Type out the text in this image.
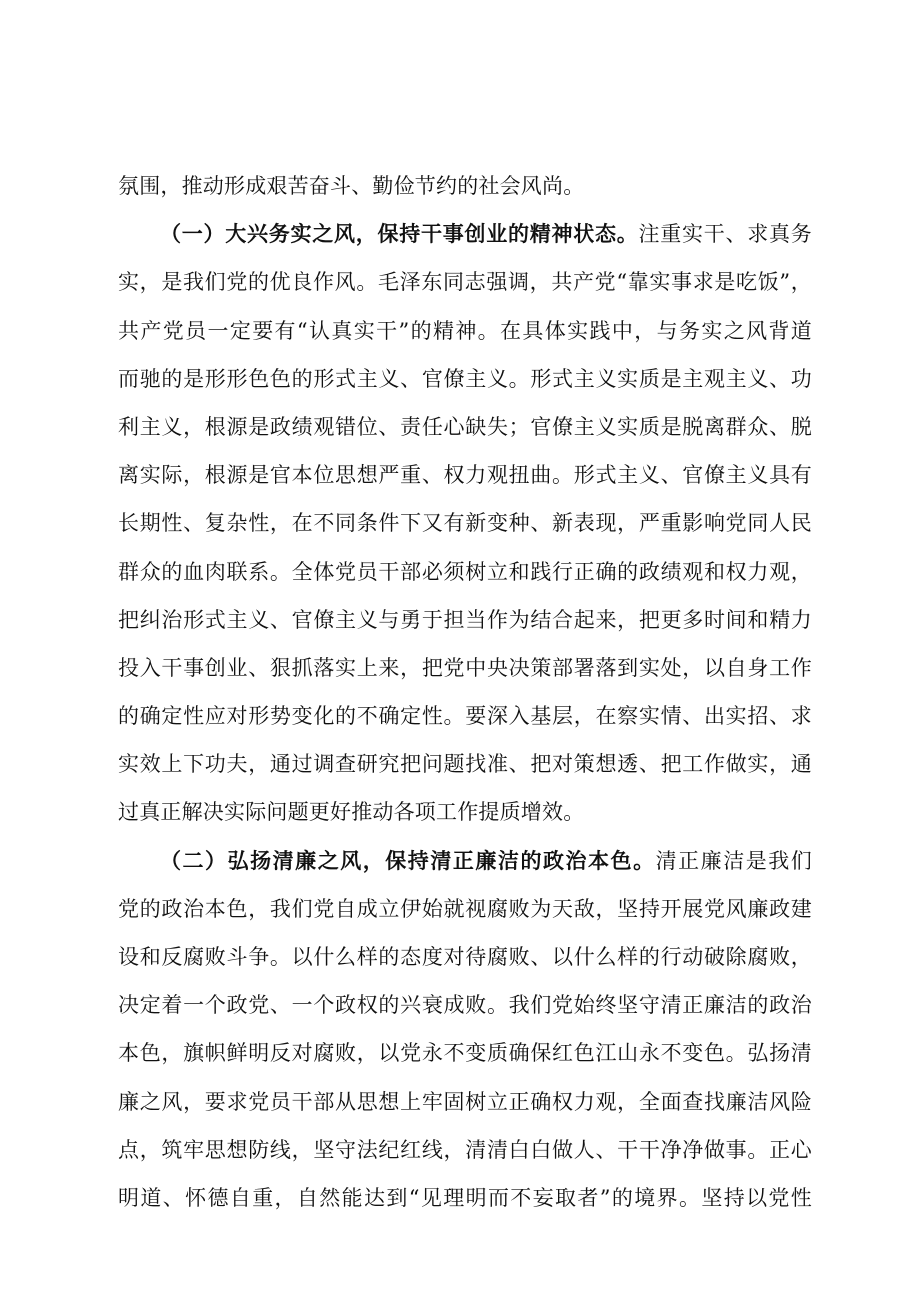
氛围，推动形成艰苦奋斗、勤俭节约的社会风尚。
（一）大兴务实之风，保持干事创业的精神状态。注重实干、求真务
实，是我们党的优良作风。毛泽东同志强调，共产党“靠实事求是吃饭”，
共产党员一定要有“认真实干”的精神。在具体实践中，与务实之风背道
而驰的是形形色色的形式主义、官僚主义。形式主义实质是主观主义、功
利主义，根源是政绩观错位、责任心缺失；官僚主义实质是脱离群众、脱
离实际，根源是官本位思想严重、权力观扭曲。形式主义、官僚主义具有
长期性、复杂性，在不同条件下又有新变种、新表现，严重影响党同人民
群众的血肉联系。全体党员干部必须树立和践行正确的政绩观和权力观，
把纠治形式主义、官僚主义与勇于担当作为结合起来，把更多时间和精力
投入干事创业、狠抓落实上来，把党中央决策部署落到实处，以自身工作
的确定性应对形势变化的不确定性。要深入基层，在察实情、出实招、求
实效上下功夫，通过调查研究把问题找准、把对策想透、把工作做实，通
过真正解决实际问题更好推动各项工作提质增效。
（二）弘扬清廉之风，保持清正廉洁的政治本色。清正廉洁是我们
党的政治本色，我们党自成立伊始就视腐败为天敌，坚持开展党风廉政建
设和反腐败斗争。以什么样的态度对待腐败、以什么样的行动破除腐败，
决定着一个政党、一个政权的兴衰成败。我们党始终坚守清正廉洁的政治
本色，旗帜鲜明反对腐败，以党永不变质确保红色江山永不变色。弘扬清
廉之风，要求党员干部从思想上牢固树立正确权力观，全面查找廉洁风险
点，筑牢思想防线，坚守法纪红线，清清白白做人、干干净净做事。正心
明道、怀德自重，自然能达到“见理明而不妄取者”的境界。坚持以党性
